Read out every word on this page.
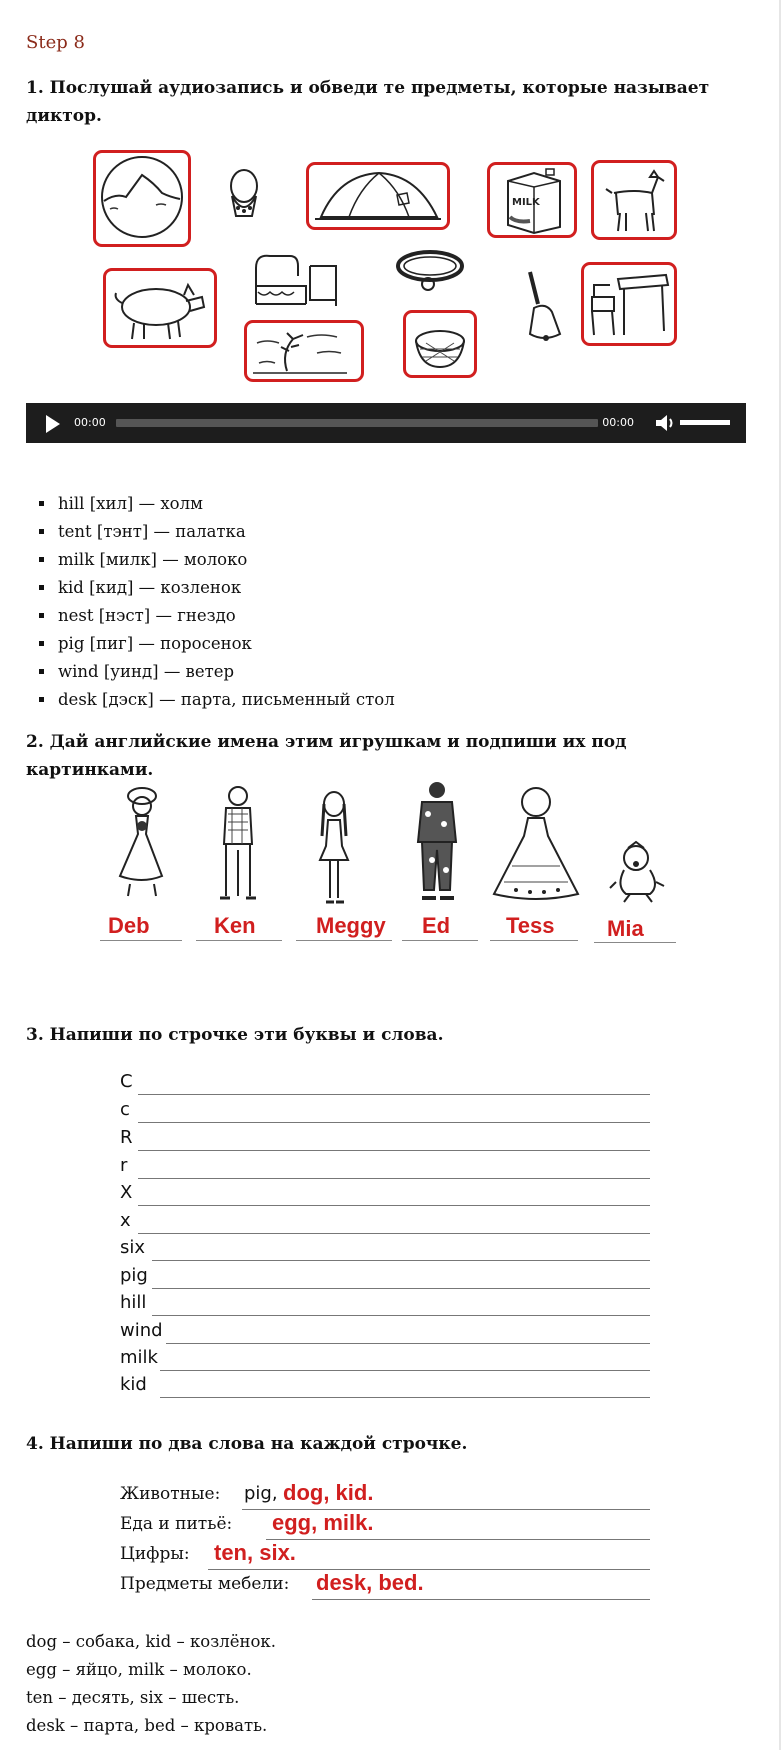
Step 8
1. Послушай аудиозапись и обведи те предметы, которые называет диктор.
MILK
00:00	00:00
▪ hill [хил] — холм
▪ tent [тэнт] — палатка
▪ milk [милк] — молоко
▪ kid [кид] — козленок
▪ nest [нэст] — гнездо
▪ pig [пиг] — поросенок
▪ wind [уинд] — ветер
▪ desk [дэск] — парта, письменный стол
2. Дай английские имена этим игрушкам и подпиши их под картинками.
Deb	Ken	Meggy Ed	Tess Mia
3. Напиши по строчке эти буквы и слова.
C
c
R
r
X
x
six
pig
hill
wind
milk
kid
4. Напиши по два слова на каждой строчке.
Животные: pig, dog, kid.
Еда и питьё: egg, milk.
Цифры: ten, six.
Предметы мебели: desk, bed.
dog – собака, kid – козлёнок.
egg – яйцо, milk – молоко.
ten – десять, six – шесть.
desk – парта, bed – кровать.
